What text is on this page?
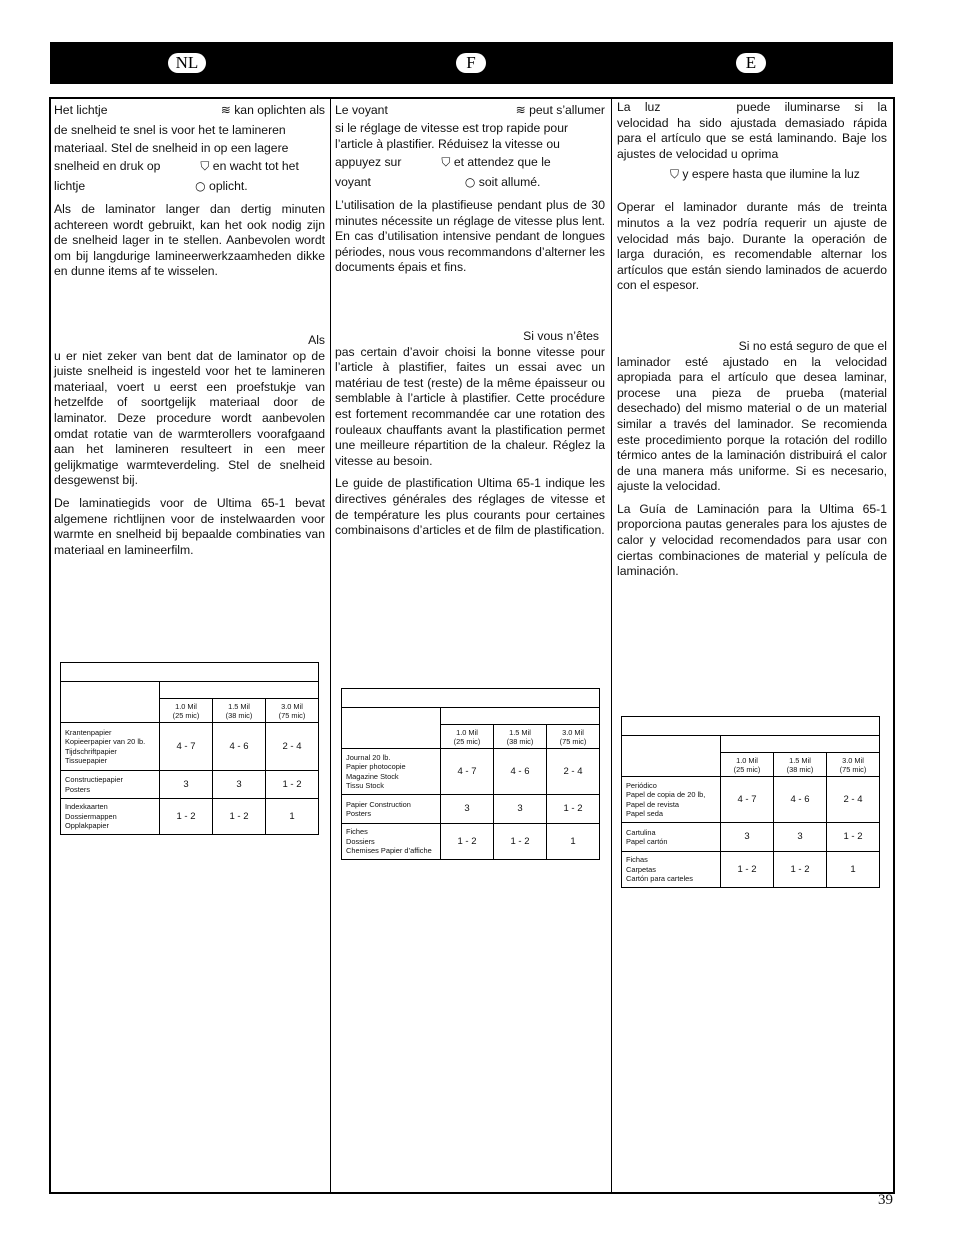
NL	F	E
Het lichtje	≋ kan oplichten als
de snelheid te snel is voor het te lamineren
materiaal. Stel de snelheid in op een lagere
snelheid en druk op	⛉ en wacht tot het
lichtje	○ oplicht.

Als de laminator langer dan dertig minuten achtereen wordt gebruikt, kan het ook nodig zijn de snelheid lager in te stellen. Aanbevolen wordt om bij langdurige lamineerwerkzaamheden dikke en dunne items af te wisselen.

Als

u er niet zeker van bent dat de laminator op de juiste snelheid is ingesteld voor het te lamineren materiaal, voert u eerst een proefstukje van hetzelfde of soortgelijk materiaal door de laminator. Deze procedure wordt aanbevolen omdat rotatie van de warmterollers voorafgaand aan het lamineren resulteert in een meer gelijkmatige warmteverdeling. Stel de snelheid desgewenst bij.

De laminatiegids voor de Ultima 65-1 bevat algemene richtlijnen voor de instelwaarden voor warmte en snelheid bij bepaalde combinaties van materiaal en lamineerfilm.

Le voyant	≋ peut s’allumer
si le réglage de vitesse est trop rapide pour
l’article à plastifier. Réduisez la vitesse ou
appuyez sur	⛉ et attendez que le
voyant	○ soit allumé.

L’utilisation de la plastifieuse pendant plus de 30 minutes nécessite un réglage de vitesse plus lent. En cas d’utilisation intensive pendant de longues périodes, nous vous recommandons d’alterner les documents épais et fins.

Si vous n’êtes

pas certain d’avoir choisi la bonne vitesse pour l’article à plastifier, faites un essai avec un matériau de test (reste) de la même épaisseur ou semblable à l’article à plastifier. Cette procédure est fortement recommandée car une rotation des rouleaux chauffants avant la plastification permet une meilleure répartition de la chaleur. Réglez la vitesse au besoin.

Le guide de plastification Ultima 65-1 indique les directives générales des réglages de vitesse et de température les plus courants pour certaines combinaisons d’articles et de film de plastification.

La luz	puede iluminarse si la velocidad ha sido ajustada demasiado rápida para el artículo que se está laminando. Baje los ajustes de velocidad u oprima

⛉ y espere hasta que ilumine la luz

Operar el laminador durante más de treinta minutos a la vez podría requerir un ajuste de velocidad más bajo. Durante la operación de larga duración, es recomendable alternar los artículos que están siendo laminados de acuerdo con el espesor.

Si no está seguro de que el

laminador esté ajustado en la velocidad apropiada para el artículo que desea laminar, procese una pieza de prueba (material desechado) del mismo material o de un material similar a través del laminador. Se recomienda este procedimiento porque la rotación del rodillo térmico antes de la laminación distribuirá el calor de una manera más uniforme. Si es necesario, ajuste la velocidad.

La Guía de Laminación para la Ultima 65-1 proporciona pautas generales para los ajustes de calor y velocidad recomendados para usar con ciertas combinaciones de material y película de laminación.

	1.0 Mil
(25 mic)	1.5 Mil
(38 mic)	3.0 Mil
(75 mic)
Krantenpapier
Kopieerpapier van 20 lb.
Tijdschriftpapier
Tissuepapier	4 - 7	4 - 6	2 - 4
Constructiepapier
Posters	3	3	1 - 2
Indexkaarten
Dossiermappen
Opplakpapier	1 - 2	1 - 2	1

	1.0 Mil
(25 mic)	1.5 Mil
(38 mic)	3.0 Mil
(75 mic)
Journal 20 lb.
Papier photocopie
Magazine Stock
Tissu Stock	4 - 7	4 - 6	2 - 4
Papier Construction
Posters	3	3	1 - 2
Fiches
Dossiers
Chemises Papier d’affiche	1 - 2	1 - 2	1

	1.0 Mil
(25 mic)	1.5 Mil
(38 mic)	3.0 Mil
(75 mic)
Periódico
Papel de copia de 20 lb,
Papel de revista
Papel seda	4 - 7	4 - 6	2 - 4
Cartulina
Papel cartón	3	3	1 - 2
Fichas
Carpetas
Cartón para carteles	1 - 2	1 - 2	1
39
